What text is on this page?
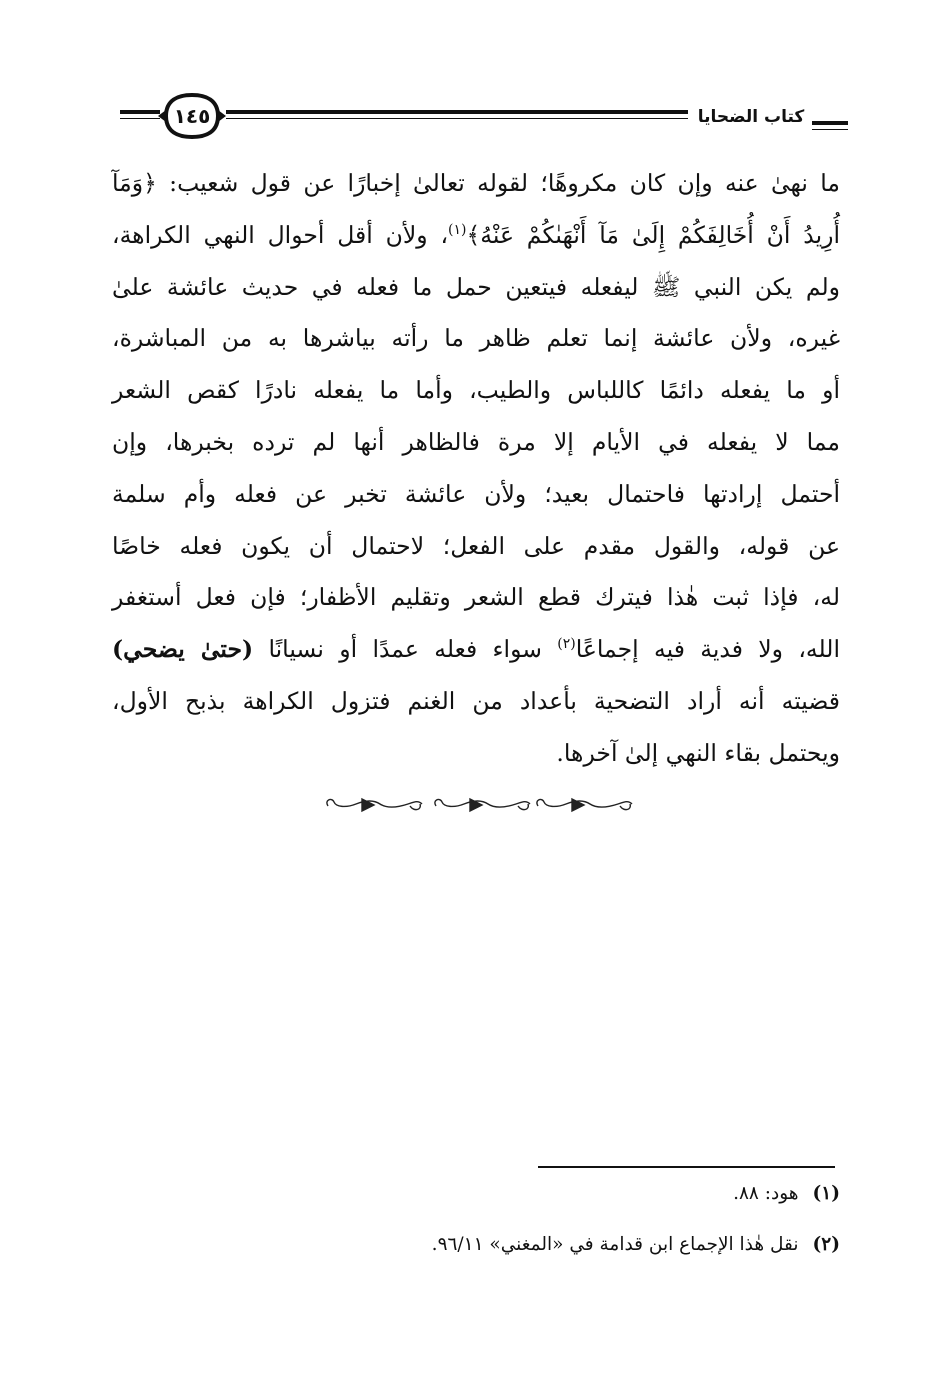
١٤٥	كتاب الضحايا
ما نهىٰ عنه وإن كان مكروهًا؛ لقوله تعالىٰ إخبارًا عن قول شعيب: ﴿وَمَآ
أُرِيدُ أَنْ أُخَالِفَكُمْ إِلَىٰ مَآ أَنْهَىٰكُمْ عَنْهُ﴾$^{(١)}$، ولأن أقل أحوال النهي الكراهة،
ولم يكن النبي ﷺ ليفعله فيتعين حمل ما فعله في حديث عائشة علىٰ
غيره، ولأن عائشة إنما تعلم ظاهر ما رأته بياشرها به من المباشرة،
أو ما يفعله دائمًا كاللباس والطيب، وأما ما يفعله نادرًا كقص الشعر
مما لا يفعله في الأيام إلا مرة فالظاهر أنها لم ترده بخبرها، وإن
أحتمل إرادتها فاحتمال بعيد؛ ولأن عائشة تخبر عن فعله وأم سلمة
عن قوله، والقول مقدم على الفعل؛ لاحتمال أن يكون فعله خاصًا
له، فإذا ثبت هٰذا فيترك قطع الشعر وتقليم الأظفار؛ فإن فعل أستغفر
الله، ولا فدية فيه إجماعًا$^{(٢)}$ سواء فعله عمدًا أو نسيانًا (حتىٰ يضحي)
قضيته أنه أراد التضحية بأعداد من الغنم فتزول الكراهة بذبح الأول،
ويحتمل بقاء النهي إلىٰ آخرها.
(١)هود: ٨٨.
(٢)نقل هٰذا الإجماع ابن قدامة في «المغني» ٩٦/١١.
